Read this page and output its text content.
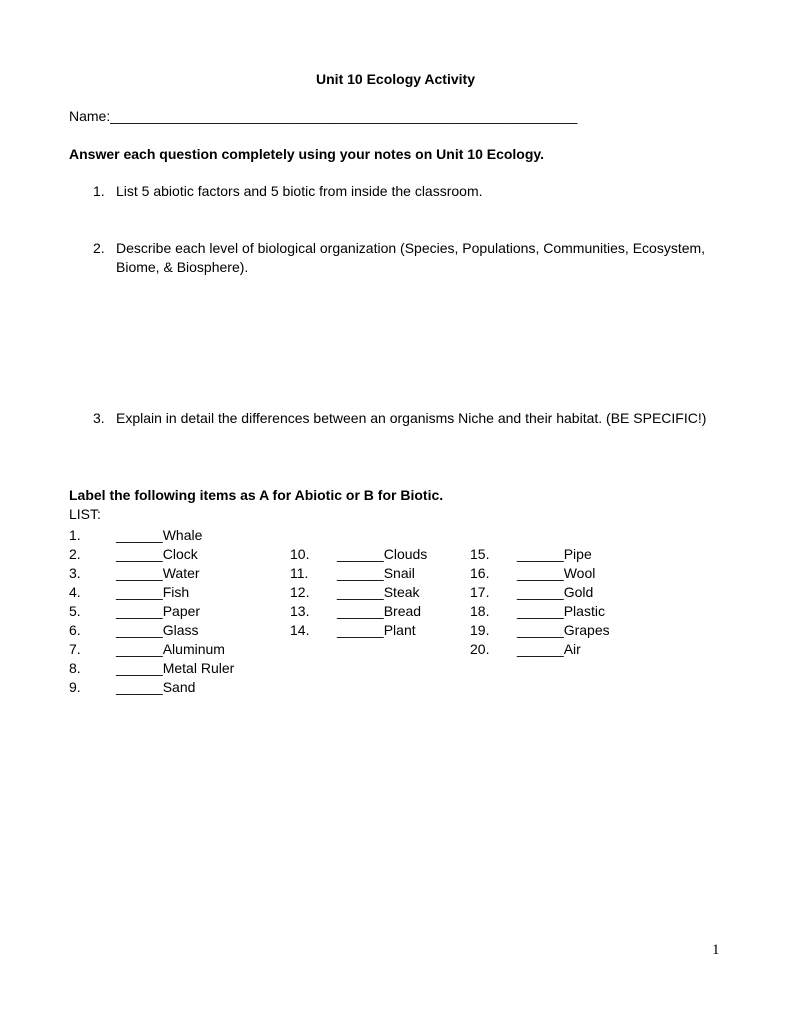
Unit 10 Ecology Activity
Name:____________________________________________________________
Answer each question completely using your notes on Unit 10 Ecology.
1. List 5 abiotic factors and 5 biotic from inside the classroom.
2. Describe each level of biological organization (Species, Populations, Communities, Ecosystem,
Biome, & Biosphere).
3. Explain in detail the differences between an organisms Niche and their habitat. (BE SPECIFIC!)
Label the following items as A for Abiotic or B for Biotic.
LIST:
1.	______Whale
2.	______Clock
3.	______Water
4.	______Fish
5.	______Paper
6.	______Glass
7.	______Aluminum
8.	______Metal Ruler
9.	______Sand
10. ______Clouds
11. ______Snail
12. ______Steak
13. ______Bread
14. ______Plant
15. ______Pipe
16. ______Wool
17. ______Gold
18. ______Plastic
19. ______Grapes
20. ______Air
1
